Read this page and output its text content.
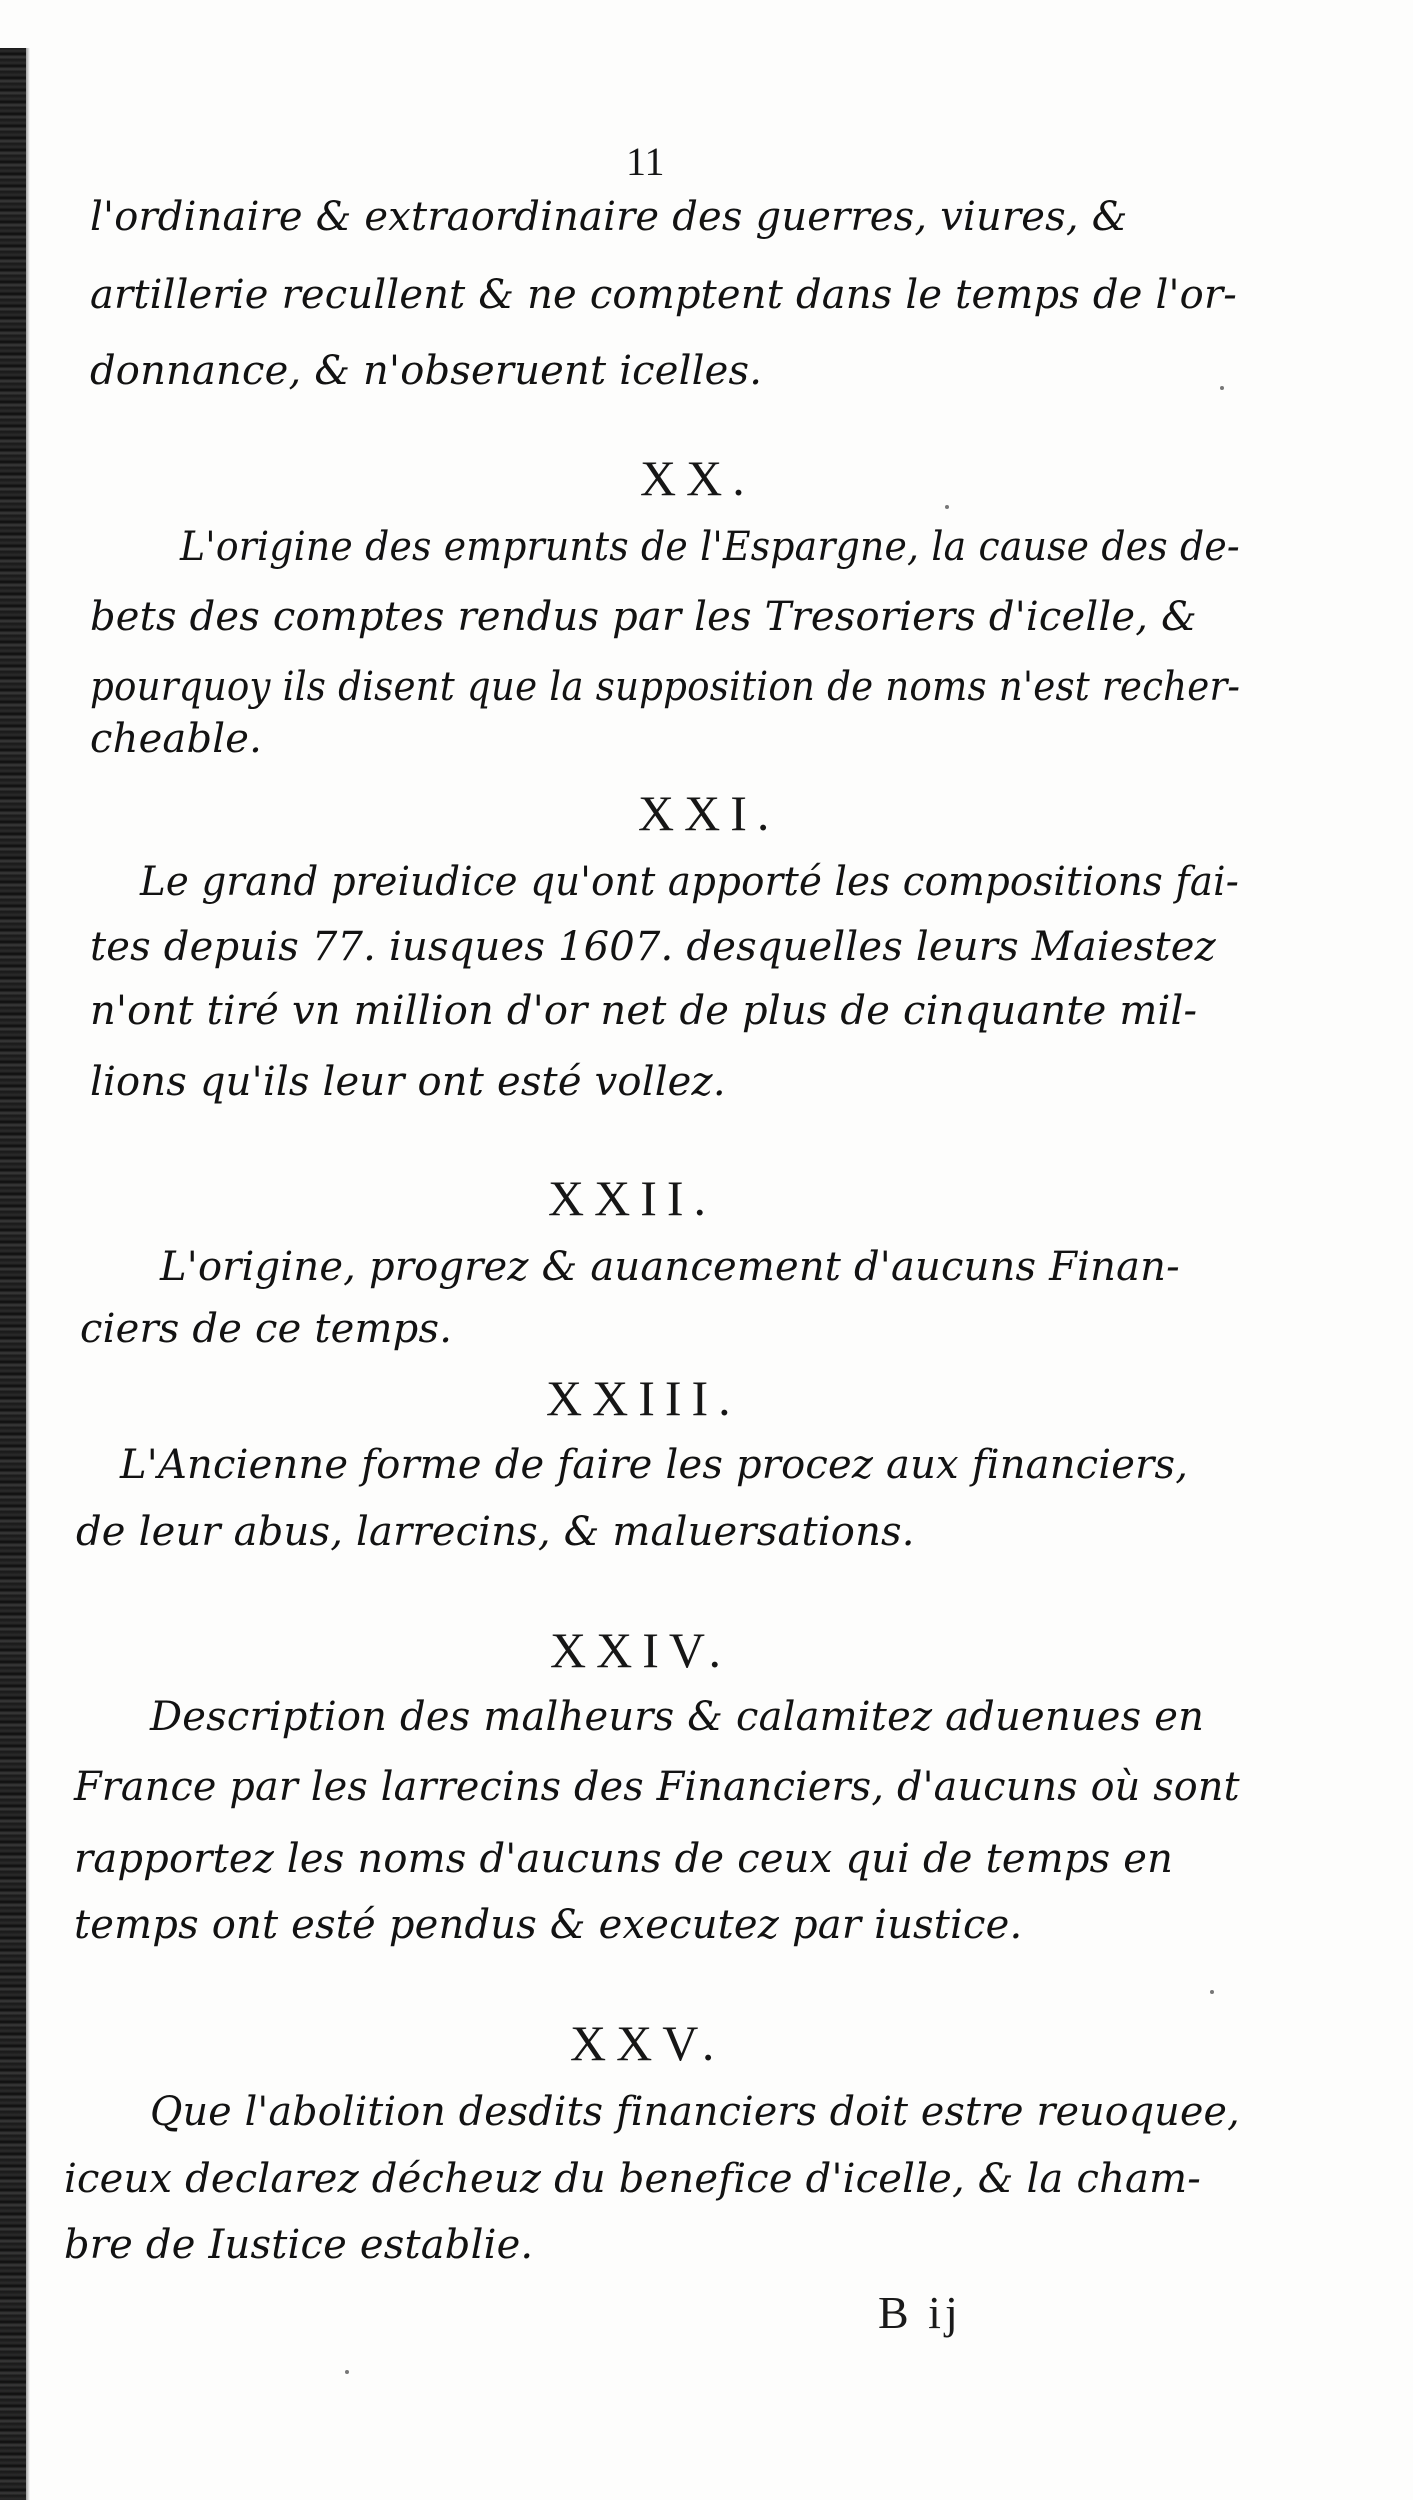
11
l'ordinaire & extraordinaire des guerres, viures, &
artillerie recullent & ne comptent dans le temps de l'or-
donnance, & n'obseruent icelles.
XX.
L'origine des emprunts de l'Espargne, la cause des de-
bets des comptes rendus par les Tresoriers d'icelle, &
pourquoy ils disent que la supposition de noms n'est recher-
cheable.
XXI.
Le grand preiudice qu'ont apporté les compositions fai-
tes depuis 77. iusques 1607. desquelles leurs Maiestez
n'ont tiré vn million d'or net de plus de cinquante mil-
lions qu'ils leur ont esté vollez.
XXII.
L'origine, progrez & auancement d'aucuns Finan-
ciers de ce temps.
XXIII.
L'Ancienne forme de faire les procez aux financiers,
de leur abus, larrecins, & maluersations.
XXIV.
Description des malheurs & calamitez aduenues en
France par les larrecins des Financiers, d'aucuns où sont
rapportez les noms d'aucuns de ceux qui de temps en
temps ont esté pendus & executez par iustice.
XXV.
Que l'abolition desdits financiers doit estre reuoquee,
iceux declarez décheuz du benefice d'icelle, & la cham-
bre de Iustice establie.
B ij
